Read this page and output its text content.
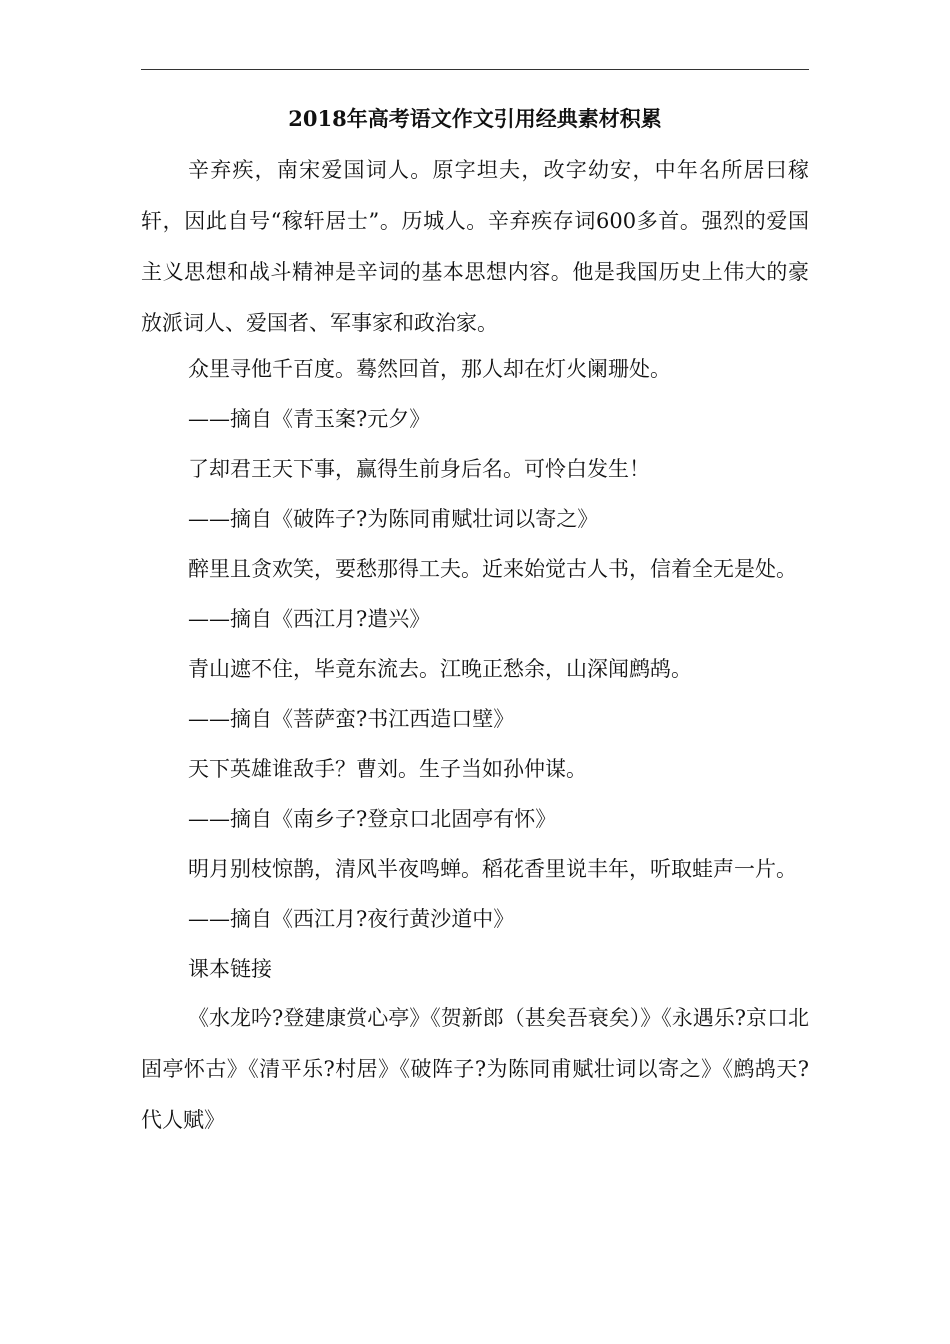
2018年高考语文作文引用经典素材积累

辛弃疾，南宋爱国词人。原字坦夫，改字幼安，中年名所居曰稼轩，因此自号“稼轩居士”。历城人。辛弃疾存词600多首。强烈的爱国主义思想和战斗精神是辛词的基本思想内容。他是我国历史上伟大的豪放派词人、爱国者、军事家和政治家。

众里寻他千百度。蓦然回首，那人却在灯火阑珊处。

——摘自《青玉案?元夕》

了却君王天下事，赢得生前身后名。可怜白发生！

——摘自《破阵子?为陈同甫赋壮词以寄之》

醉里且贪欢笑，要愁那得工夫。近来始觉古人书，信着全无是处。

——摘自《西江月?遣兴》

青山遮不住，毕竟东流去。江晚正愁余，山深闻鹧鸪。

——摘自《菩萨蛮?书江西造口壁》

天下英雄谁敌手？曹刘。生子当如孙仲谋。

——摘自《南乡子?登京口北固亭有怀》

明月别枝惊鹊，清风半夜鸣蝉。稻花香里说丰年，听取蛙声一片。

——摘自《西江月?夜行黄沙道中》

课本链接

《水龙吟?登建康赏心亭》《贺新郎（甚矣吾衰矣）》《永遇乐?京口北固亭怀古》《清平乐?村居》《破阵子?为陈同甫赋壮词以寄之》《鹧鸪天?代人赋》
